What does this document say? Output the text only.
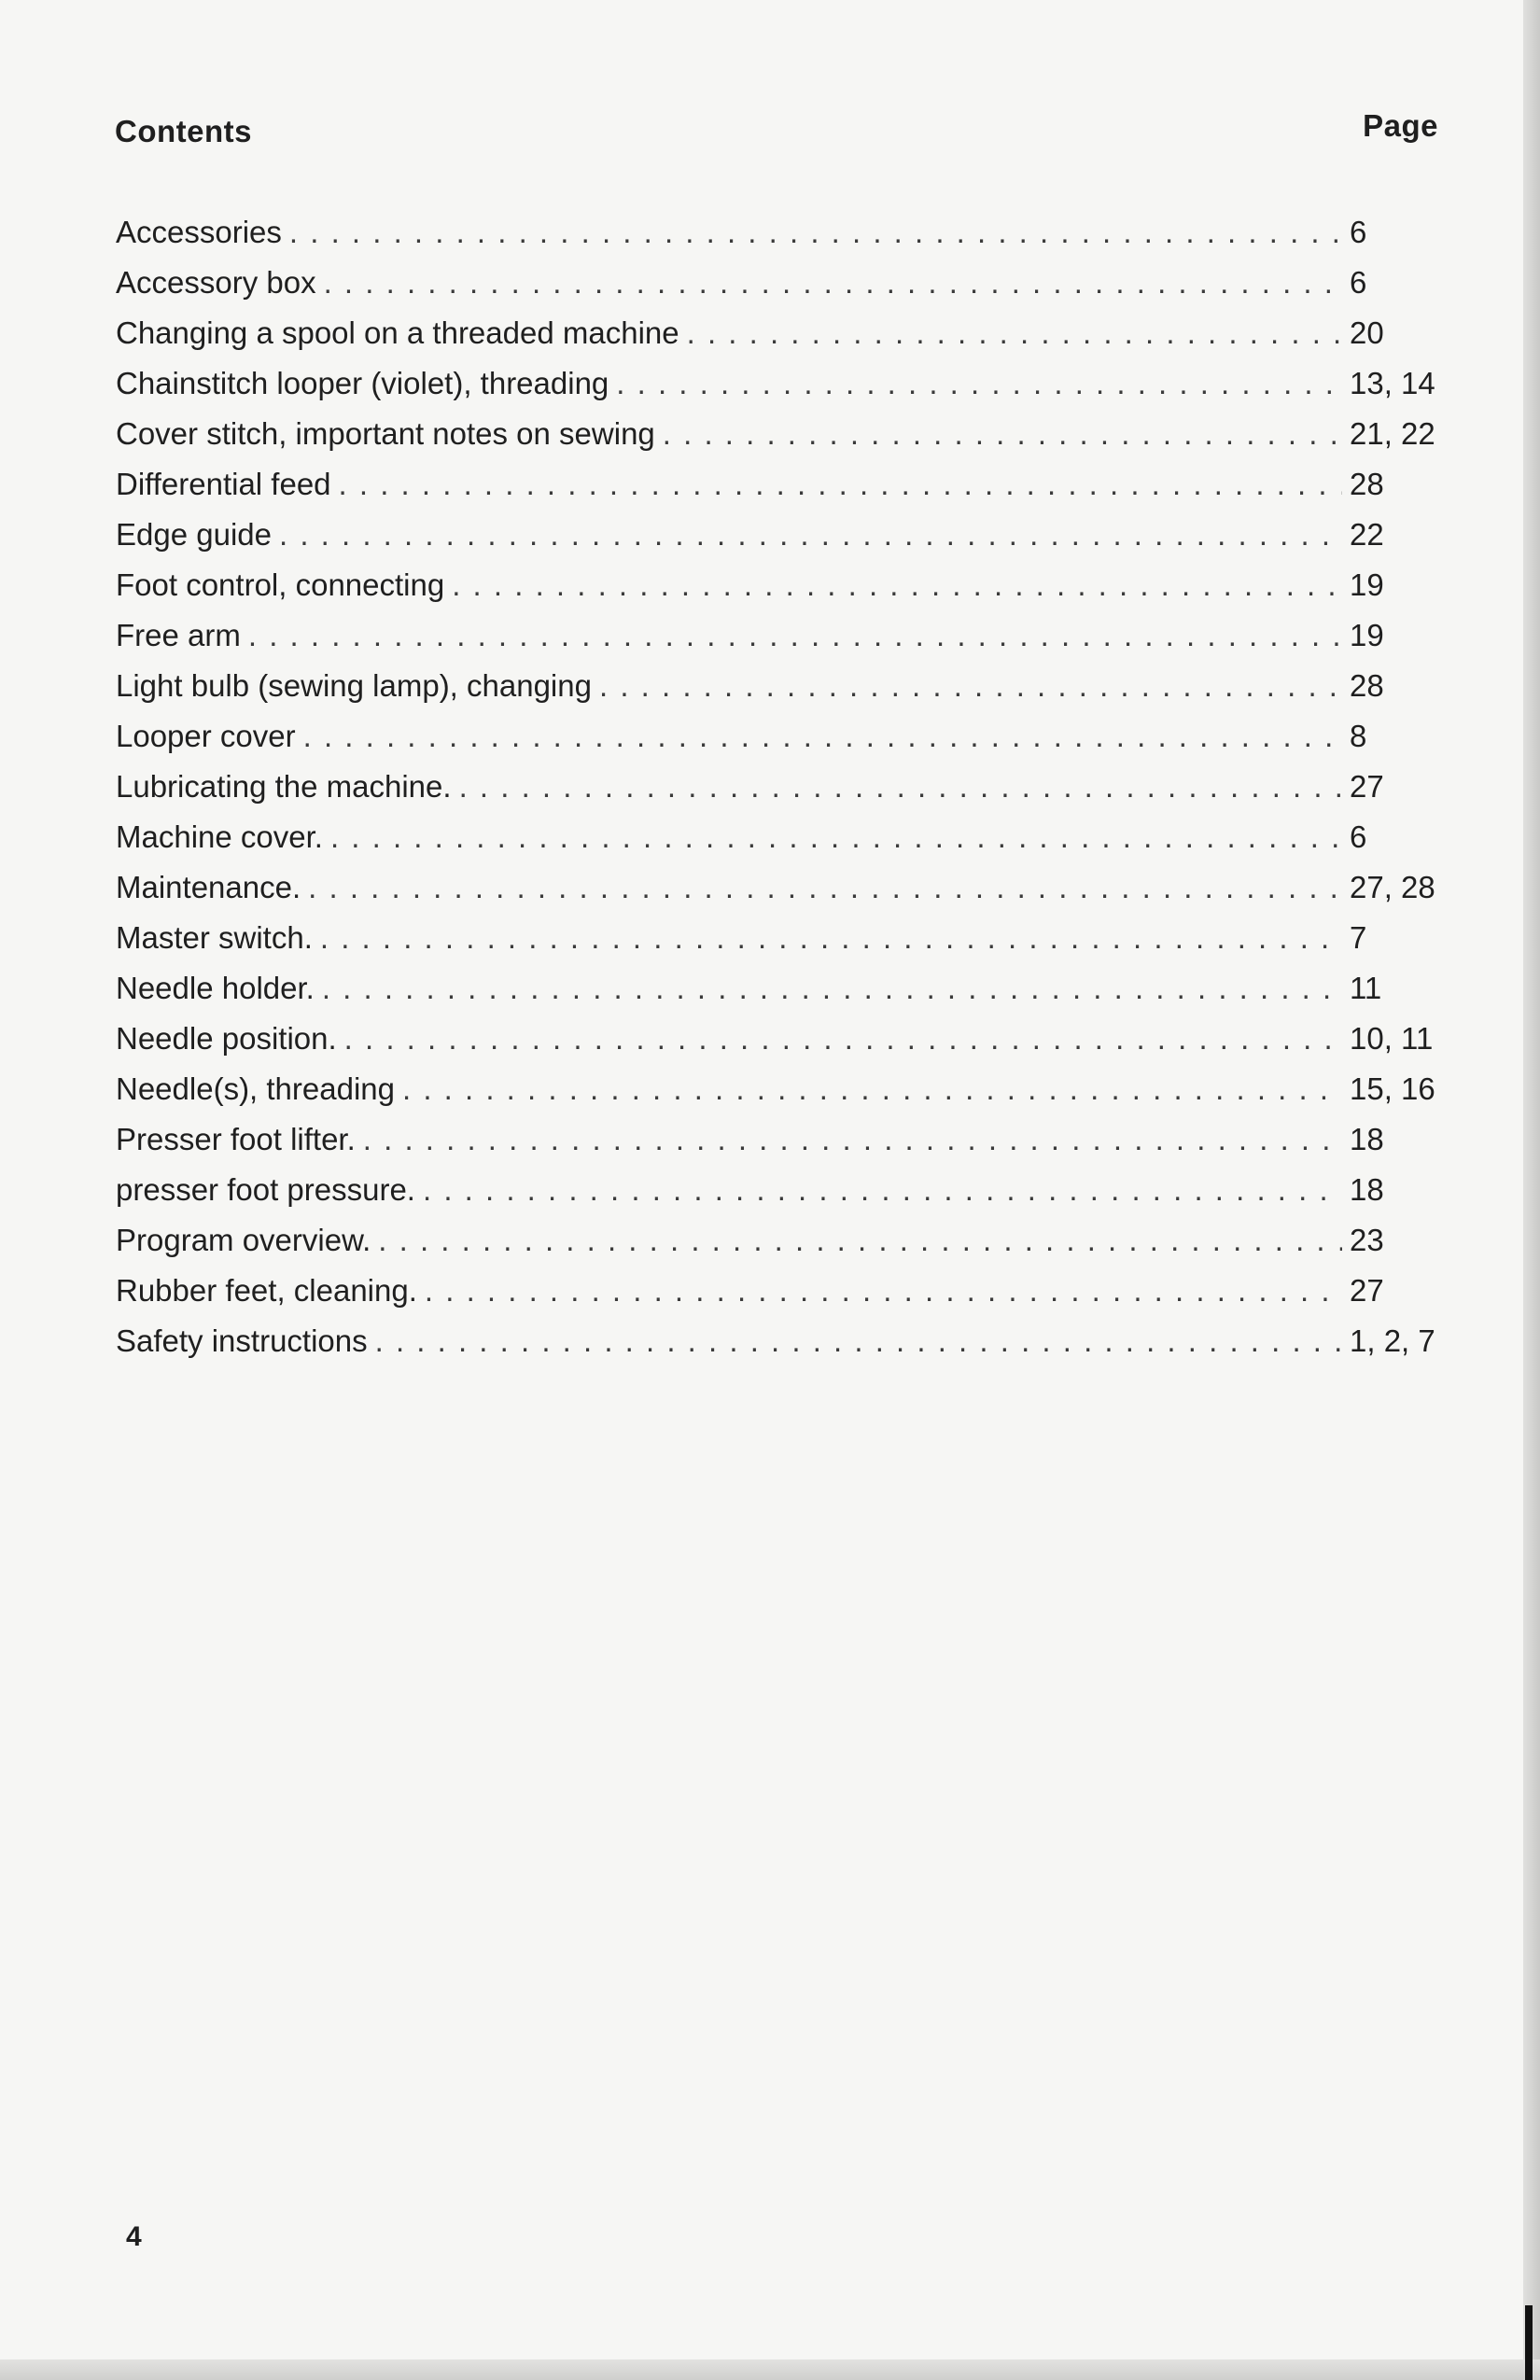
Contents	Page
Accessories . . .	6
Accessory box . . .	6
Changing a spool on a threaded machine . . .	20
Chainstitch looper (violet), threading . . .	13, 14
Cover stitch, important notes on sewing . . .	21, 22
Differential feed . . .	28
Edge guide . . .	22
Foot control, connecting . . .	19
Free arm . . .	19
Light bulb (sewing lamp), changing . . .	28
Looper cover . . .	8
Lubricating the machine. . . .	27
Machine cover. . . .	6
Maintenance. . . .	27, 28
Master switch. . . .	7
Needle holder. . . .	11
Needle position. . . .	10, 11
Needle(s), threading . . .	15, 16
Presser foot lifter. . . .	18
presser foot pressure. . . .	18
Program overview. . . .	23
Rubber feet, cleaning. . . .	27
Safety instructions . . .	1, 2, 7
4
